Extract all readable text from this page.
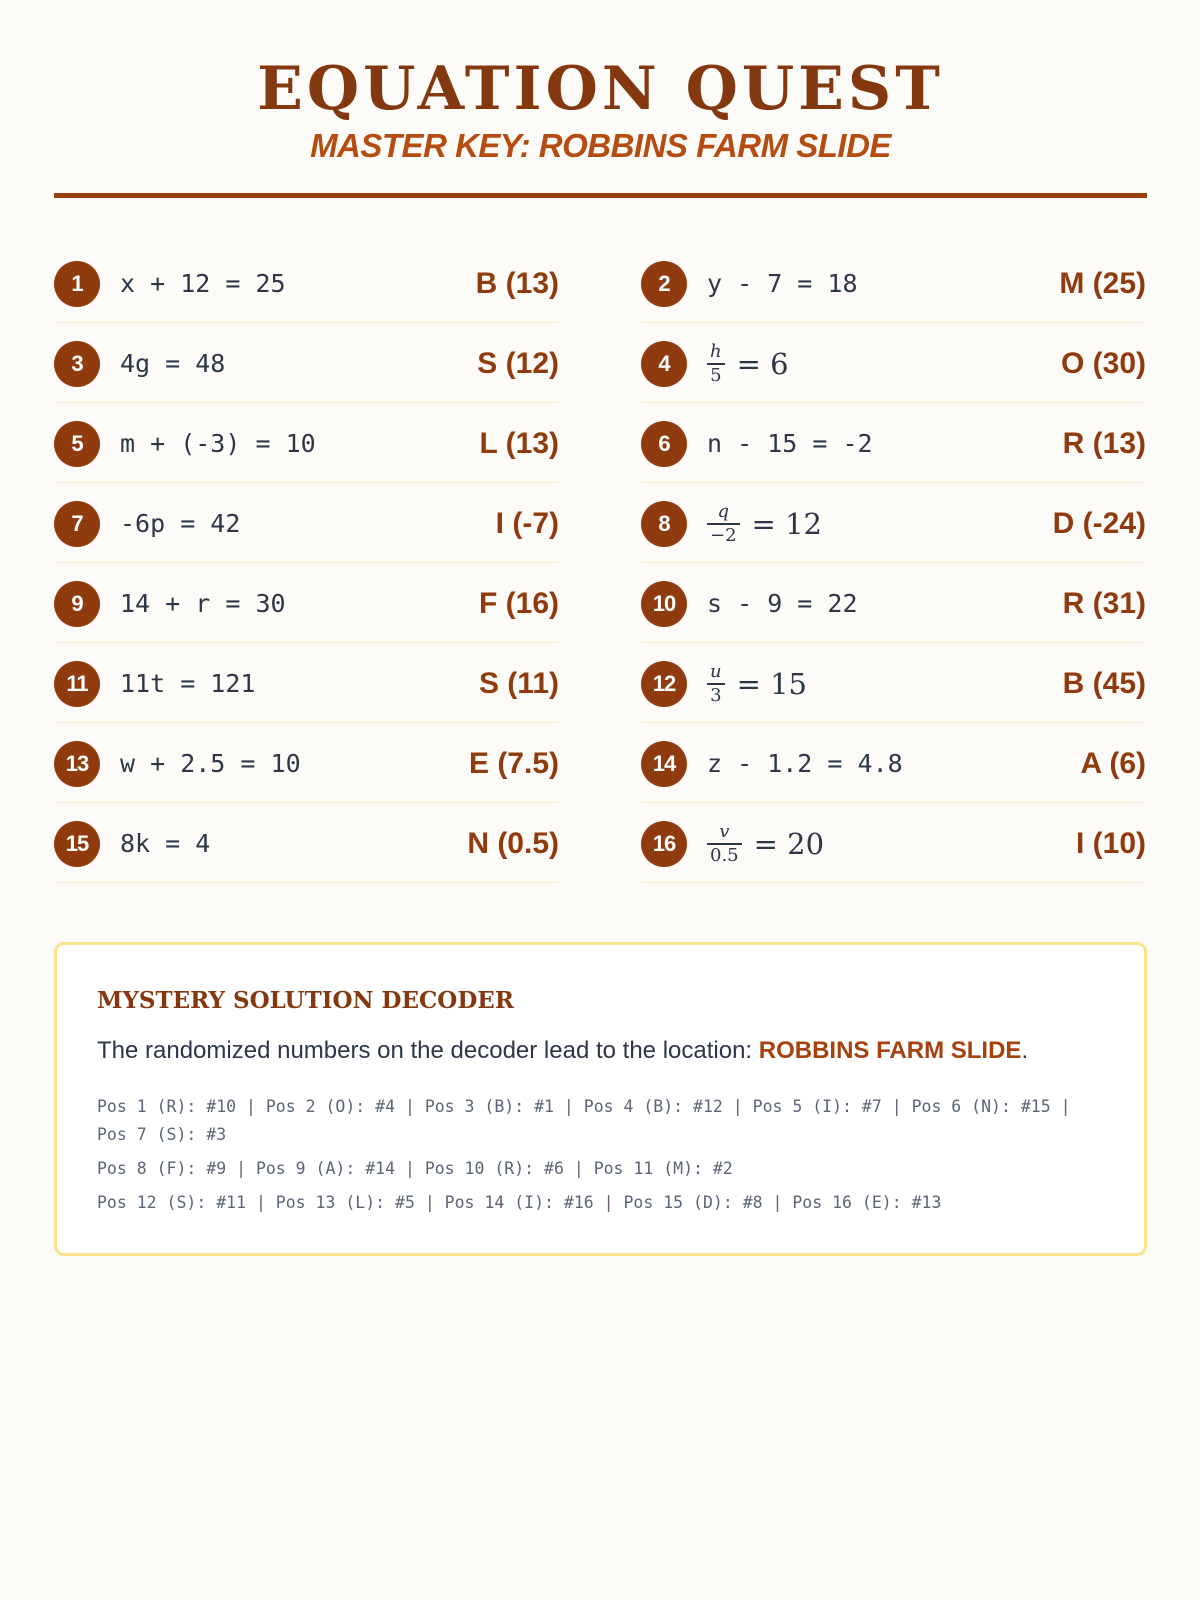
EQUATION QUEST
MASTER KEY: ROBBINS FARM SLIDE
1	x + 12 = 25	B (13)
3	4g = 48	S (12)
5	m + (-3) = 10	L (13)
7	-6p = 42	I (-7)
9	14 + r = 30	F (16)
11	11t = 121	S (11)
13	w + 2.5 = 10	E (7.5)
15	8k = 4	N (0.5)
2	y - 7 = 18	M (25)
4	$\frac{h}{5} = 6$	O (30)
6	n - 15 = -2	R (13)
8	$\frac{q}{-2} = 12$	D (-24)
10	s - 9 = 22	R (31)
12	$\frac{u}{3} = 15$	B (45)
14	z - 1.2 = 4.8	A (6)
16	$\frac{v}{0.5} = 20$	I (10)
MYSTERY SOLUTION DECODER
The randomized numbers on the decoder lead to the location: ROBBINS FARM SLIDE.
Pos 1 (R): #10 | Pos 2 (O): #4 | Pos 3 (B): #1 | Pos 4 (B): #12 | Pos 5 (I): #7 | Pos 6 (N): #15 | Pos 7 (S): #3
Pos 8 (F): #9 | Pos 9 (A): #14 | Pos 10 (R): #6 | Pos 11 (M): #2
Pos 12 (S): #11 | Pos 13 (L): #5 | Pos 14 (I): #16 | Pos 15 (D): #8 | Pos 16 (E): #13
